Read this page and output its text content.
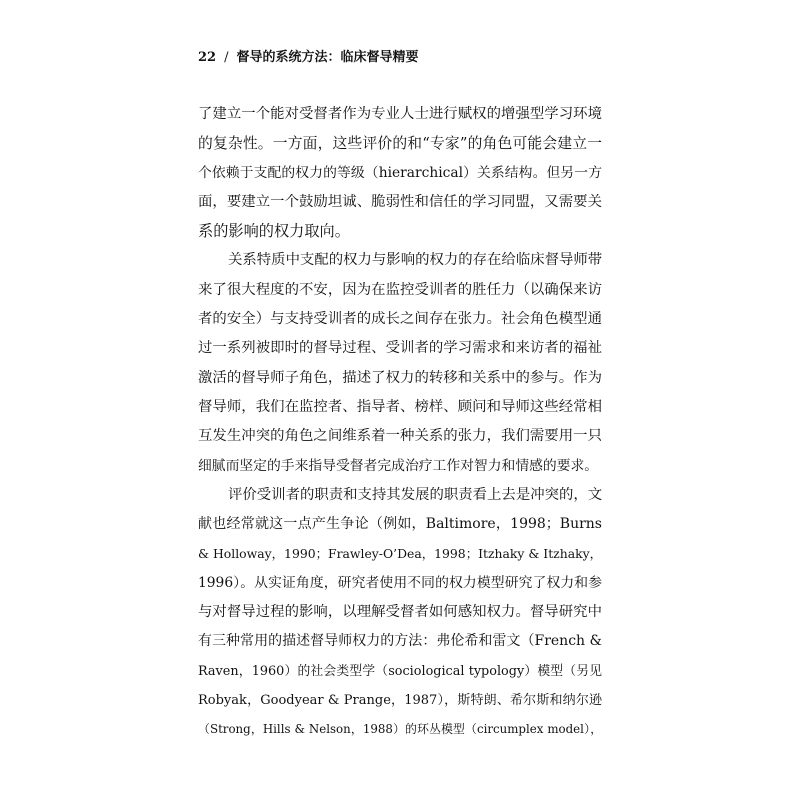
22 / 督导的系统方法：临床督导精要
了建立一个能对受督者作为专业人士进行赋权的增强型学习环境
的复杂性。一方面，这些评价的和“专家”的角色可能会建立一
个依赖于支配的权力的等级（hierarchical）关系结构。但另一方
面，要建立一个鼓励坦诚、脆弱性和信任的学习同盟，又需要关
系的影响的权力取向。
关系特质中支配的权力与影响的权力的存在给临床督导师带
来了很大程度的不安，因为在监控受训者的胜任力（以确保来访
者的安全）与支持受训者的成长之间存在张力。社会角色模型通
过一系列被即时的督导过程、受训者的学习需求和来访者的福祉
激活的督导师子角色，描述了权力的转移和关系中的参与。作为
督导师，我们在监控者、指导者、榜样、顾问和导师这些经常相
互发生冲突的角色之间维系着一种关系的张力，我们需要用一只
细腻而坚定的手来指导受督者完成治疗工作对智力和情感的要求。
评价受训者的职责和支持其发展的职责看上去是冲突的，文
献也经常就这一点产生争论（例如，Baltimore，1998；Burns
& Holloway，1990；Frawley-O’Dea，1998；Itzhaky & Itzhaky，
1996）。从实证角度，研究者使用不同的权力模型研究了权力和参
与对督导过程的影响，以理解受督者如何感知权力。督导研究中
有三种常用的描述督导师权力的方法：弗伦希和雷文（French &
Raven，1960）的社会类型学（sociological typology）模型（另见
Robyak，Goodyear & Prange，1987），斯特朗、希尔斯和纳尔逊
（Strong，Hills & Nelson，1988）的环丛模型（circumplex model），
